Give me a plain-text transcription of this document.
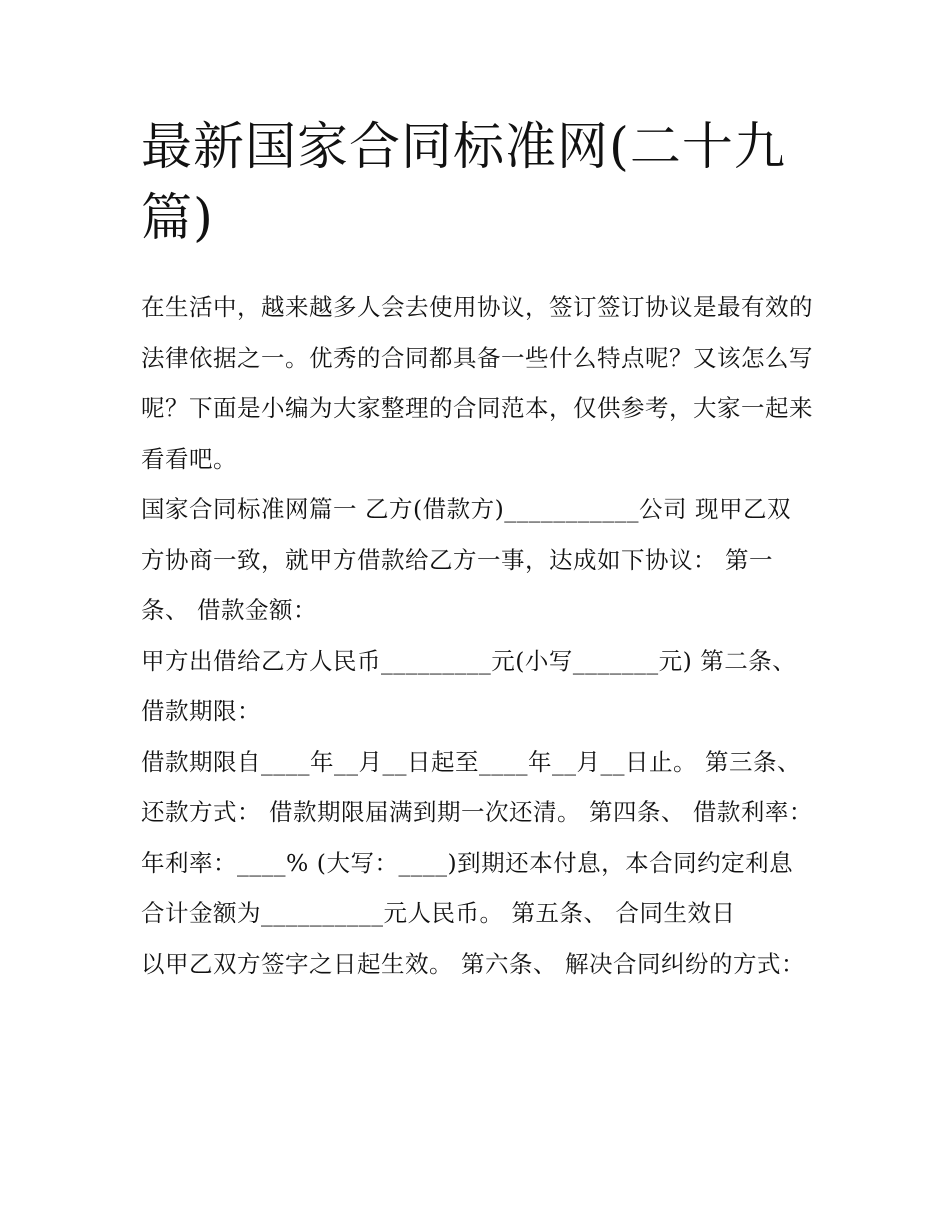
最新国家合同标准网(二十九篇)

在生活中，越来越多人会去使用协议，签订签订协议是最有效的法律依据之一。优秀的合同都具备一些什么特点呢？又该怎么写呢？下面是小编为大家整理的合同范本，仅供参考，大家一起来看看吧。

国家合同标准网篇一 乙方(借款方)___________公司 现甲乙双方协商一致，就甲方借款给乙方一事，达成如下协议： 第一条、 借款金额：

甲方出借给乙方人民币_________元(小写_______元) 第二条、 借款期限：

借款期限自____年__月__日起至____年__月__日止。 第三条、 还款方式： 借款期限届满到期一次还清。 第四条、 借款利率：

年利率：____% (大写：____)到期还本付息，本合同约定利息合计金额为__________元人民币。 第五条、 合同生效日

以甲乙双方签字之日起生效。 第六条、 解决合同纠纷的方式：
